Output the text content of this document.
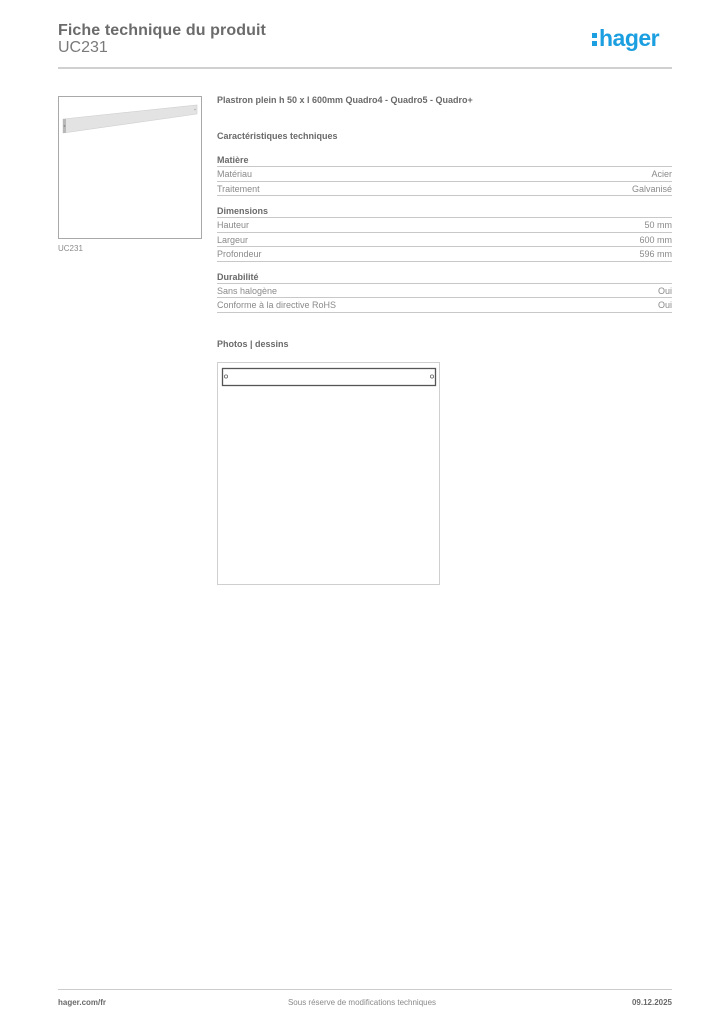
Fiche technique du produit
UC231	hager
UC231
Plastron plein h 50 x l 600mm Quadro4 - Quadro5 - Quadro+
Caractéristiques techniques
Matière
Matériau	Acier
Traitement	Galvanisé
Dimensions
Hauteur	50 mm
Largeur	600 mm
Profondeur	596 mm
Durabilité
Sans halogène	Oui
Conforme à la directive RoHS	Oui
Photos | dessins
hager.com/fr	Sous réserve de modifications techniques	09.12.2025
